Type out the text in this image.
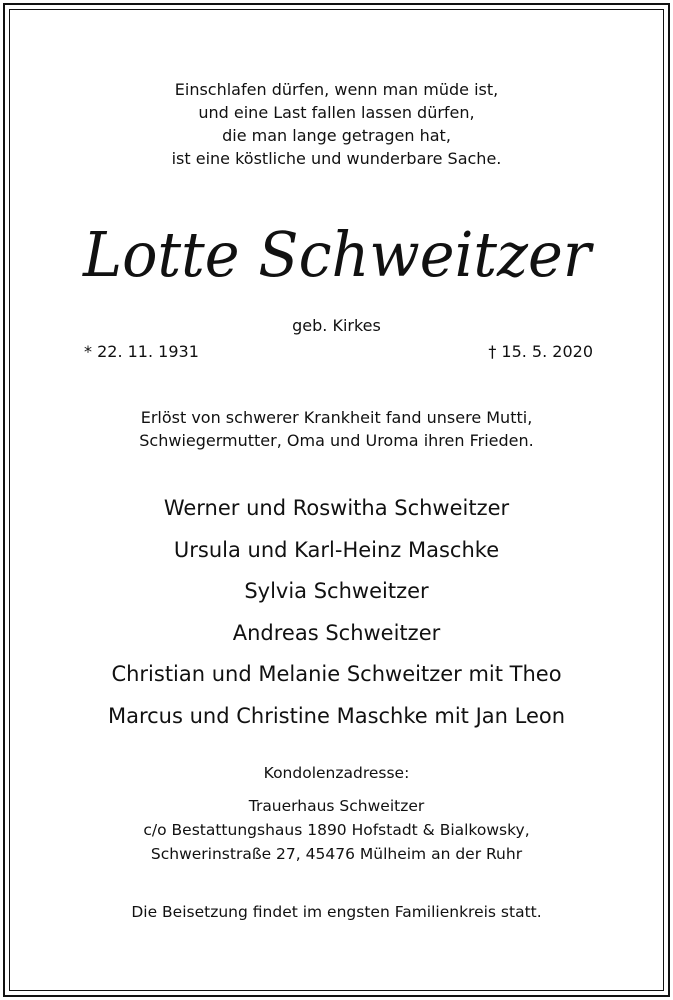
Einschlafen dürfen, wenn man müde ist,
und eine Last fallen lassen dürfen,
die man lange getragen hat,
ist eine köstliche und wunderbare Sache.
Lotte Schweitzer
geb. Kirkes
* 22. 11. 1931	† 15. 5. 2020
Erlöst von schwerer Krankheit fand unsere Mutti,
Schwiegermutter, Oma und Uroma ihren Frieden.
Werner und Roswitha Schweitzer
Ursula und Karl-Heinz Maschke
Sylvia Schweitzer
Andreas Schweitzer
Christian und Melanie Schweitzer mit Theo
Marcus und Christine Maschke mit Jan Leon
Kondolenzadresse:
Trauerhaus Schweitzer
c/o Bestattungshaus 1890 Hofstadt & Bialkowsky,
Schwerinstraße 27, 45476 Mülheim an der Ruhr
Die Beisetzung findet im engsten Familienkreis statt.
